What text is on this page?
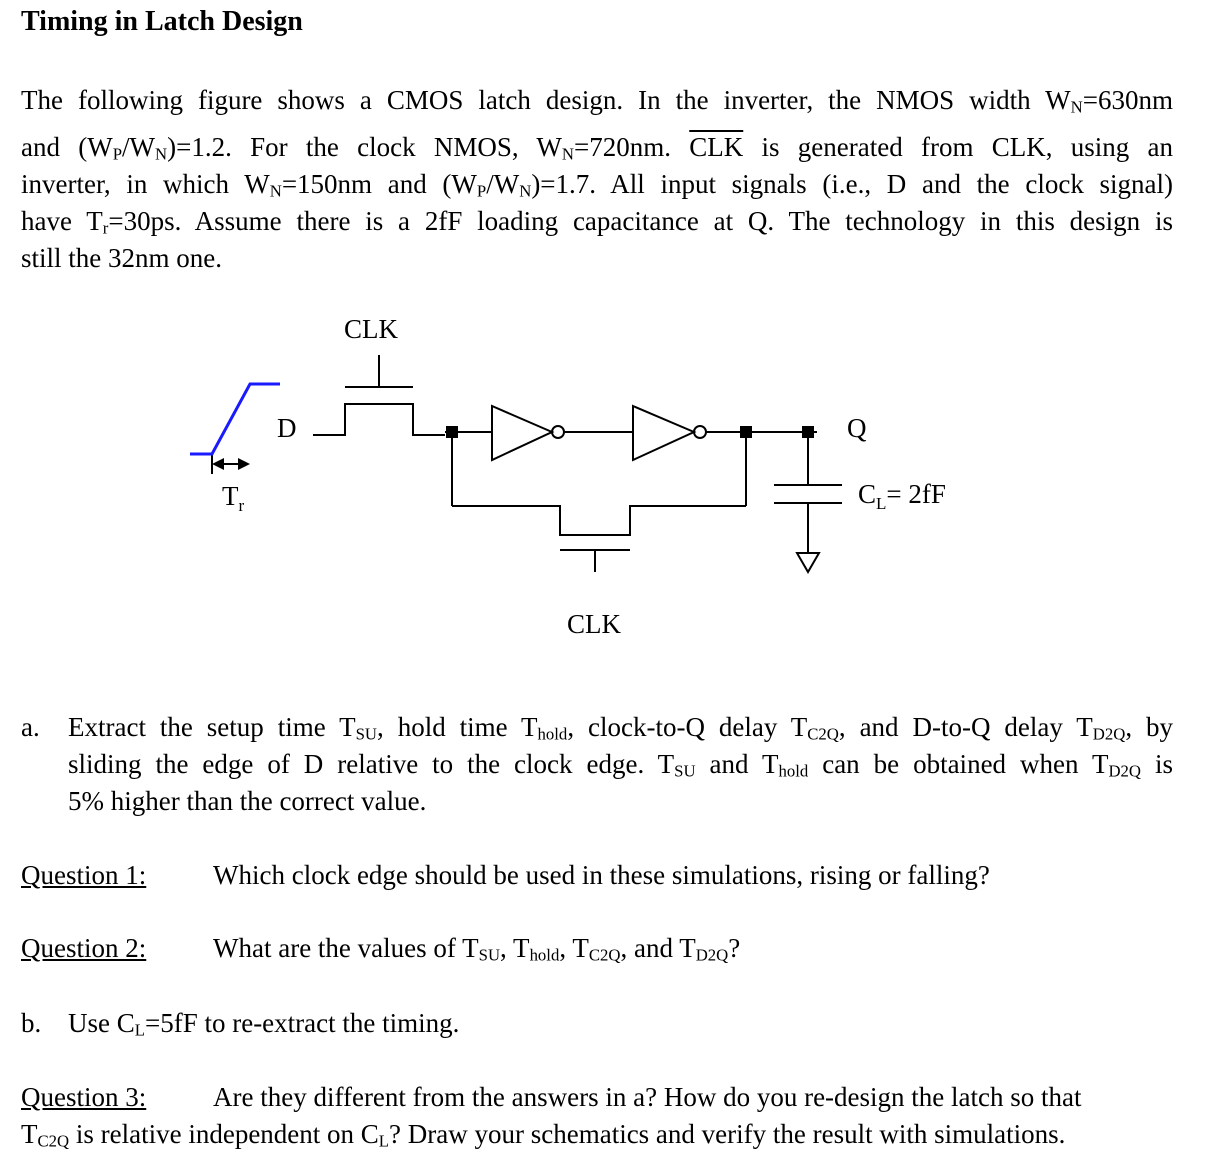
Timing in Latch Design
The following figure shows a CMOS latch design. In the inverter, the NMOS width $W_N=630nm$
and $(W_P/W_N)=1.2$. For the clock NMOS, $W_N=720nm$. $\overline{CLK}$ is generated from CLK, using an
inverter, in which $W_N=150nm$ and $(W_P/W_N)=1.7$. All input signals (i.e., D and the clock signal)
have $T_r=30ps$. Assume there is a 2fF loading capacitance at Q. The technology in this design is
still the 32nm one.
CLK
CLK
D	Q
$T_r$	$C_L= 2fF$
a. Extract the setup time $T_{SU}$, hold time $T_{hold}$, clock-to-Q delay $T_{C2Q}$, and D-to-Q delay $T_{D2Q}$, by
sliding the edge of D relative to the clock edge. $T_{SU}$ and $T_{hold}$ can be obtained when $T_{D2Q}$ is
5% higher than the correct value.
Question 1: Which clock edge should be used in these simulations, rising or falling?
Question 2: What are the values of $T_{SU}$, $T_{hold}$, $T_{C2Q}$, and $T_{D2Q}$?
b. Use $C_L=5fF$ to re-extract the timing.
Question 3: Are they different from the answers in a? How do you re-design the latch so that
$T_{C2Q}$ is relative independent on $C_L$? Draw your schematics and verify the result with simulations.
